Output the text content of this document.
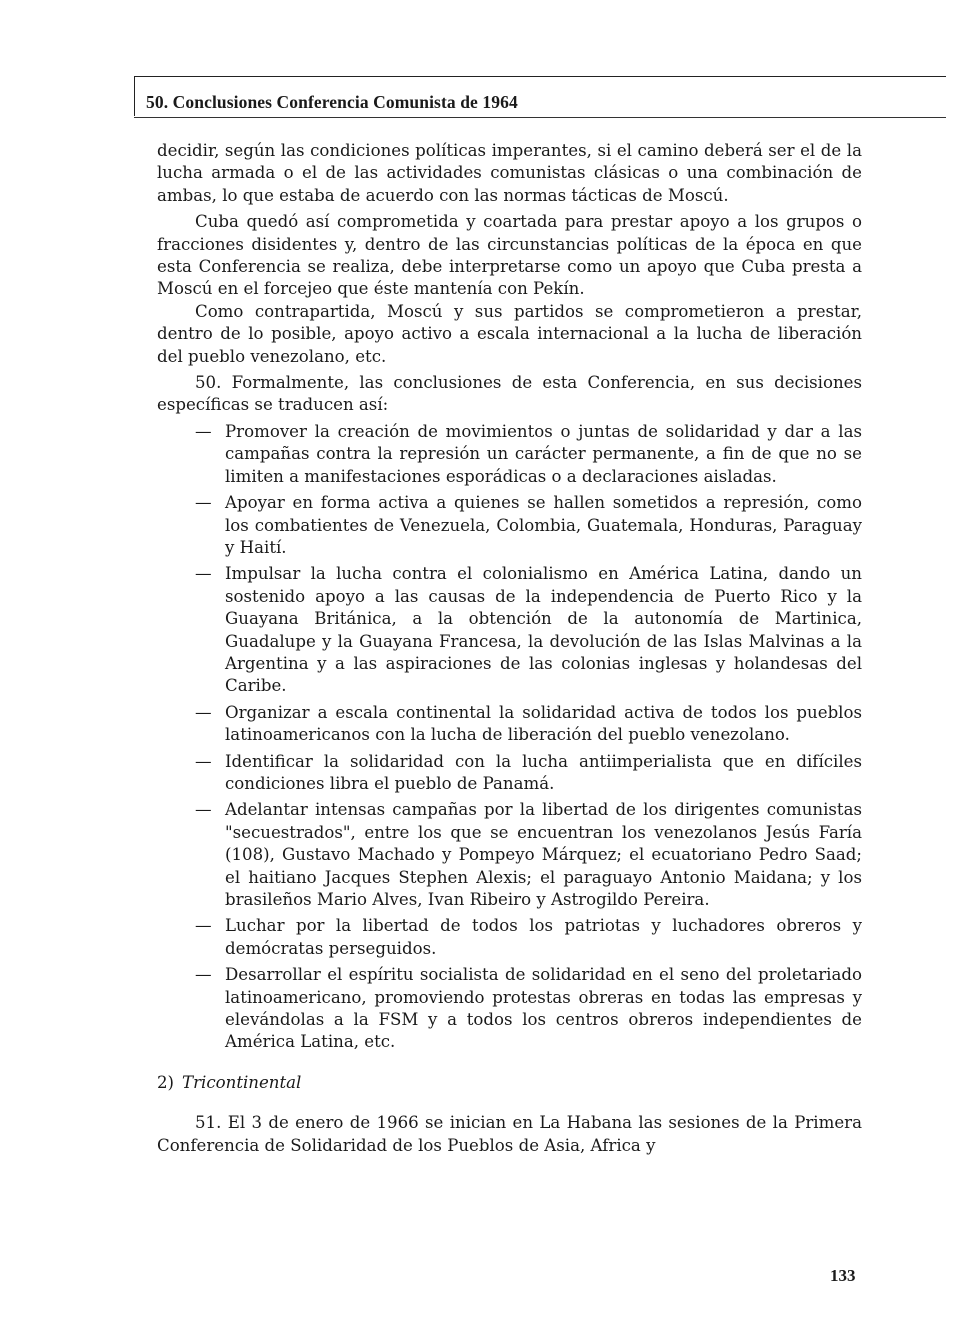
50. Conclusiones Conferencia Comunista de 1964

decidir, según las condiciones políticas imperantes, si el camino deberá ser el de la lucha armada o el de las actividades comunistas clásicas o una combinación de ambas, lo que estaba de acuerdo con las normas tácticas de Moscú.

Cuba quedó así comprometida y coartada para prestar apoyo a los grupos o fracciones disidentes y, dentro de las circunstancias políticas de la época en que esta Conferencia se realiza, debe interpretarse como un apoyo que Cuba presta a Moscú en el forcejeo que éste mantenía con Pekín.

Como contrapartida, Moscú y sus partidos se comprometieron a prestar, dentro de lo posible, apoyo activo a escala internacional a la lucha de liberación del pueblo venezolano, etc.

50. Formalmente, las conclusiones de esta Conferencia, en sus decisiones específicas se traducen así:

— Promover la creación de movimientos o juntas de solidaridad y dar a las campañas contra la represión un carácter permanente, a fin de que no se limiten a manifestaciones esporádicas o a declaraciones aisladas.
— Apoyar en forma activa a quienes se hallen sometidos a represión, como los combatientes de Venezuela, Colombia, Guatemala, Honduras, Paraguay y Haití.
— Impulsar la lucha contra el colonialismo en América Latina, dando un sostenido apoyo a las causas de la independencia de Puerto Rico y la Guayana Británica, a la obtención de la autonomía de Martinica, Guadalupe y la Guayana Francesa, la devolución de las Islas Malvinas a la Argentina y a las aspiraciones de las colonias inglesas y holandesas del Caribe.
— Organizar a escala continental la solidaridad activa de todos los pueblos latinoamericanos con la lucha de liberación del pueblo venezolano.
— Identificar la solidaridad con la lucha antiimperialista que en difíciles condiciones libra el pueblo de Panamá.
— Adelantar intensas campañas por la libertad de los dirigentes comunistas "secuestrados", entre los que se encuentran los venezolanos Jesús Faría (108), Gustavo Machado y Pompeyo Márquez; el ecuatoriano Pedro Saad; el haitiano Jacques Stephen Alexis; el paraguayo Antonio Maidana; y los brasileños Mario Alves, Ivan Ribeiro y Astrogildo Pereira.
— Luchar por la libertad de todos los patriotas y luchadores obreros y demócratas perseguidos.
— Desarrollar el espíritu socialista de solidaridad en el seno del proletariado latinoamericano, promoviendo protestas obreras en todas las empresas y elevándolas a la FSM y a todos los centros obreros independientes de América Latina, etc.

2) Tricontinental

51. El 3 de enero de 1966 se inician en La Habana las sesiones de la Primera Conferencia de Solidaridad de los Pueblos de Asia, Africa y

133
